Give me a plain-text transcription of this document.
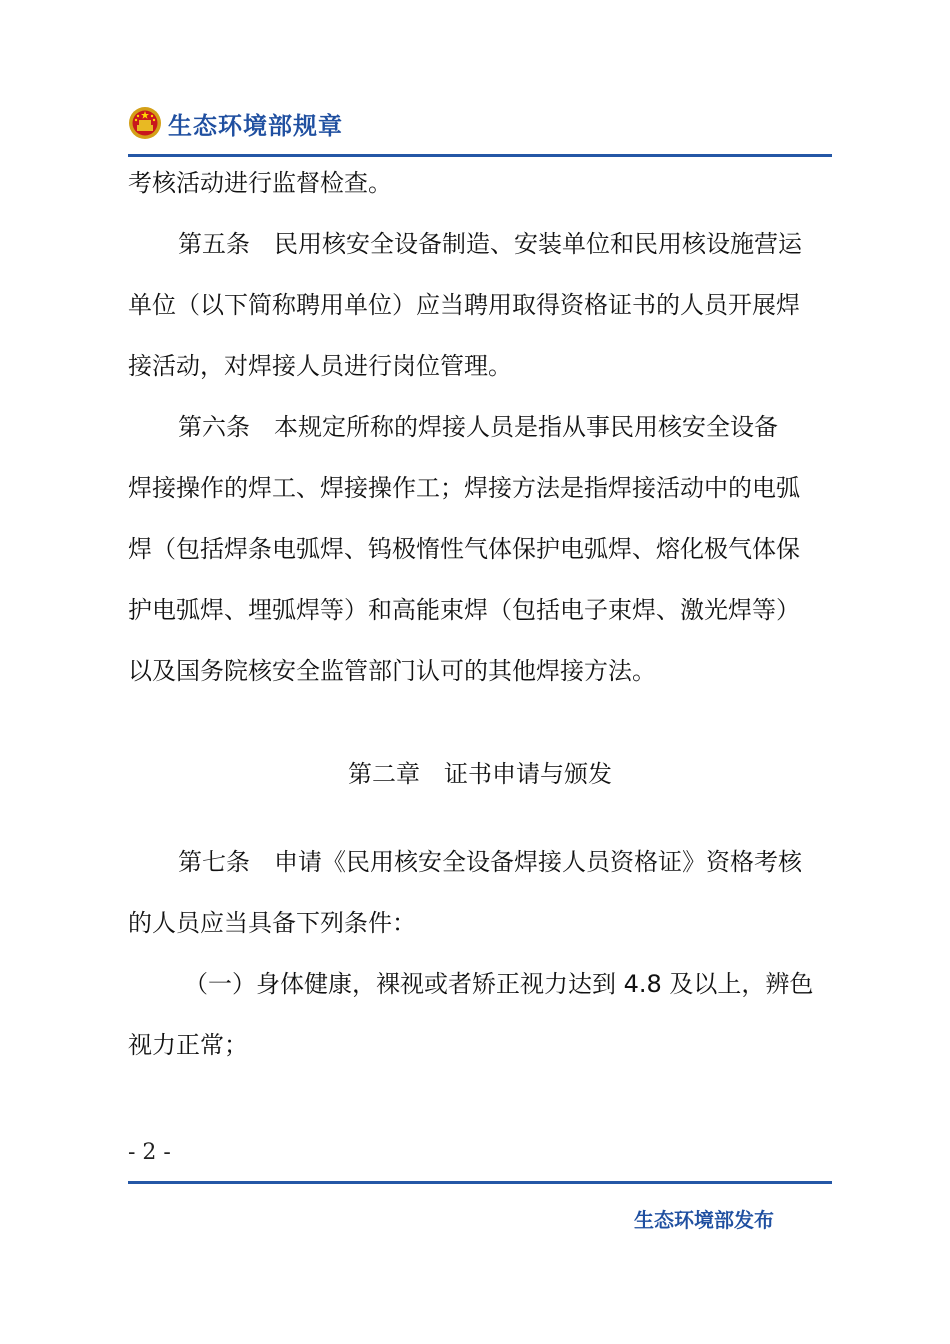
生态环境部规章
考核活动进行监督检查。
第五条　民用核安全设备制造、安装单位和民用核设施营运
单位（以下简称聘用单位）应当聘用取得资格证书的人员开展焊
接活动，对焊接人员进行岗位管理。
第六条　本规定所称的焊接人员是指从事民用核安全设备
焊接操作的焊工、焊接操作工；焊接方法是指焊接活动中的电弧
焊（包括焊条电弧焊、钨极惰性气体保护电弧焊、熔化极气体保
护电弧焊、埋弧焊等）和高能束焊（包括电子束焊、激光焊等）
以及国务院核安全监管部门认可的其他焊接方法。
第二章　证书申请与颁发
第七条　申请《民用核安全设备焊接人员资格证》资格考核
的人员应当具备下列条件：
（一）身体健康，裸视或者矫正视力达到 4.8 及以上，辨色
视力正常；
- 2 -
生态环境部发布
